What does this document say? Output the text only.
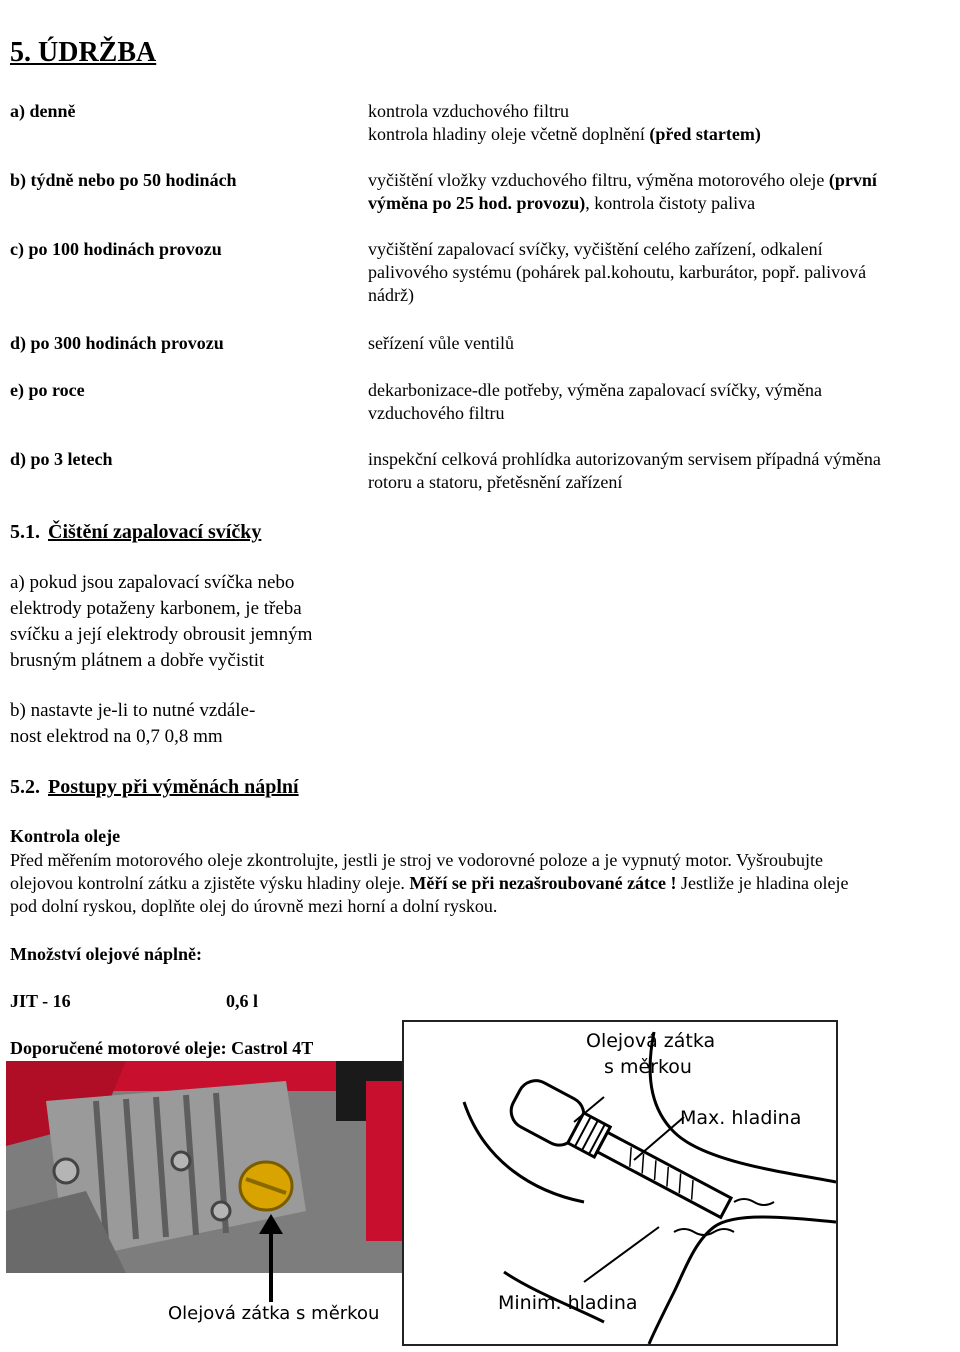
5. ÚDRŽBA
a) denně	kontrola vzduchového filtru
kontrola hladiny oleje včetně doplnění (před startem)
b) týdně nebo po 50 hodinách	vyčištění vložky vzduchového filtru, výměna motorového oleje (první
výměna po 25 hod. provozu), kontrola čistoty paliva
c) po 100 hodinách provozu	vyčištění zapalovací svíčky, vyčištění celého zařízení, odkalení
palivového systému (pohárek pal.kohoutu, karburátor, popř. palivová
nádrž)
d) po 300 hodinách provozu	seřízení vůle ventilů
e) po roce	dekarbonizace-dle potřeby, výměna zapalovací svíčky, výměna
vzduchového filtru
d) po 3 letech	inspekční celková prohlídka autorizovaným servisem případná výměna
rotoru a statoru, přetěsnění zařízení
5.1. Čištění zapalovací svíčky
a) pokud jsou zapalovací svíčka nebo
elektrody potaženy karbonem, je třeba
svíčku a její elektrody obrousit jemným
brusným plátnem a dobře vyčistit
b) nastavte je-li to nutné vzdále-
nost elektrod na 0,7 0,8 mm
5.2. Postupy při výměnách náplní
Kontrola oleje
Před měřením motorového oleje zkontrolujte, jestli je stroj ve vodorovné poloze a je vypnutý motor. Vyšroubujte
olejovou kontrolní zátku a zjistěte výsku hladiny oleje. Měří se při nezašroubované zátce ! Jestliže je hladina oleje
pod dolní ryskou, doplňte olej do úrovně mezi horní a dolní ryskou.
Množství olejové náplně:
JIT - 16	0,6 l
Doporučené motorové oleje: Castrol 4T
Olejová zátka s měrkou
Olejová zátka
s měrkou
Max. hladina
Minim. hladina
